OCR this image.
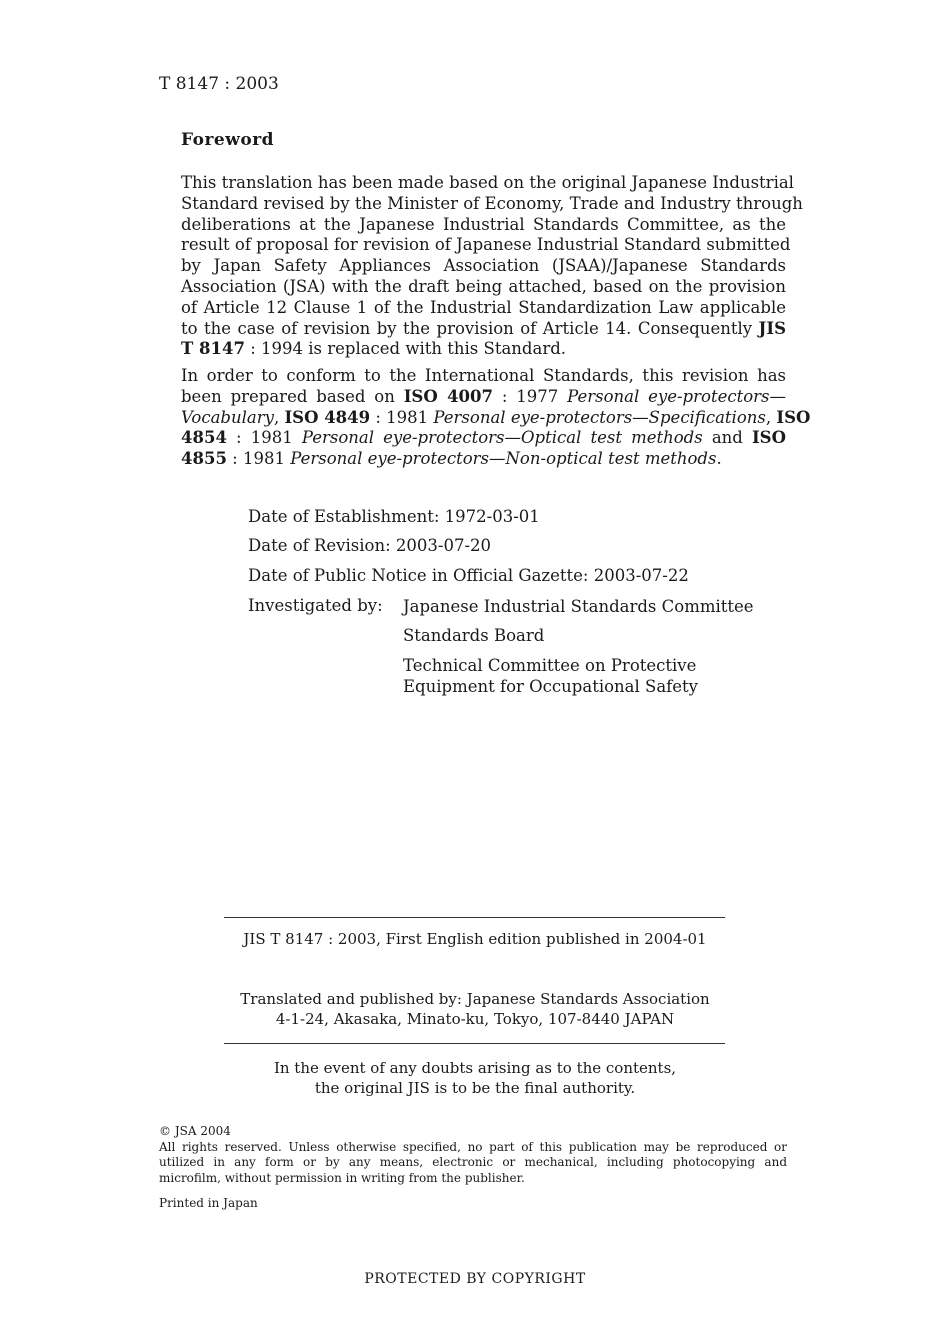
T 8147 : 2003
Foreword
This translation has been made based on the original Japanese Industrial
Standard revised by the Minister of Economy, Trade and Industry through
deliberations at the Japanese Industrial Standards Committee, as the
result of proposal for revision of Japanese Industrial Standard submitted
by Japan Safety Appliances Association (JSAA)/Japanese Standards
Association (JSA) with the draft being attached, based on the provision
of Article 12 Clause 1 of the Industrial Standardization Law applicable
to the case of revision by the provision of Article 14. Consequently JIS
T 8147 : 1994 is replaced with this Standard.
In order to conform to the International Standards, this revision has
been prepared based on ISO 4007 : 1977 Personal eye-protectors—
Vocabulary, ISO 4849 : 1981 Personal eye-protectors—Specifications, ISO
4854 : 1981 Personal eye-protectors—Optical test methods and ISO
4855 : 1981 Personal eye-protectors—Non-optical test methods.
Date of Establishment: 1972-03-01
Date of Revision: 2003-07-20
Date of Public Notice in Official Gazette: 2003-07-22
Investigated by: Japanese Industrial Standards Committee
Standards Board
Technical Committee on Protective
Equipment for Occupational Safety
JIS T 8147 : 2003, First English edition published in 2004-01
Translated and published by: Japanese Standards Association
4-1-24, Akasaka, Minato-ku, Tokyo, 107-8440 JAPAN
In the event of any doubts arising as to the contents,
the original JIS is to be the final authority.
© JSA 2004
All rights reserved. Unless otherwise specified, no part of this publication may be reproduced or
utilized in any form or by any means, electronic or mechanical, including photocopying and
microfilm, without permission in writing from the publisher.
Printed in Japan
PROTECTED BY COPYRIGHT
